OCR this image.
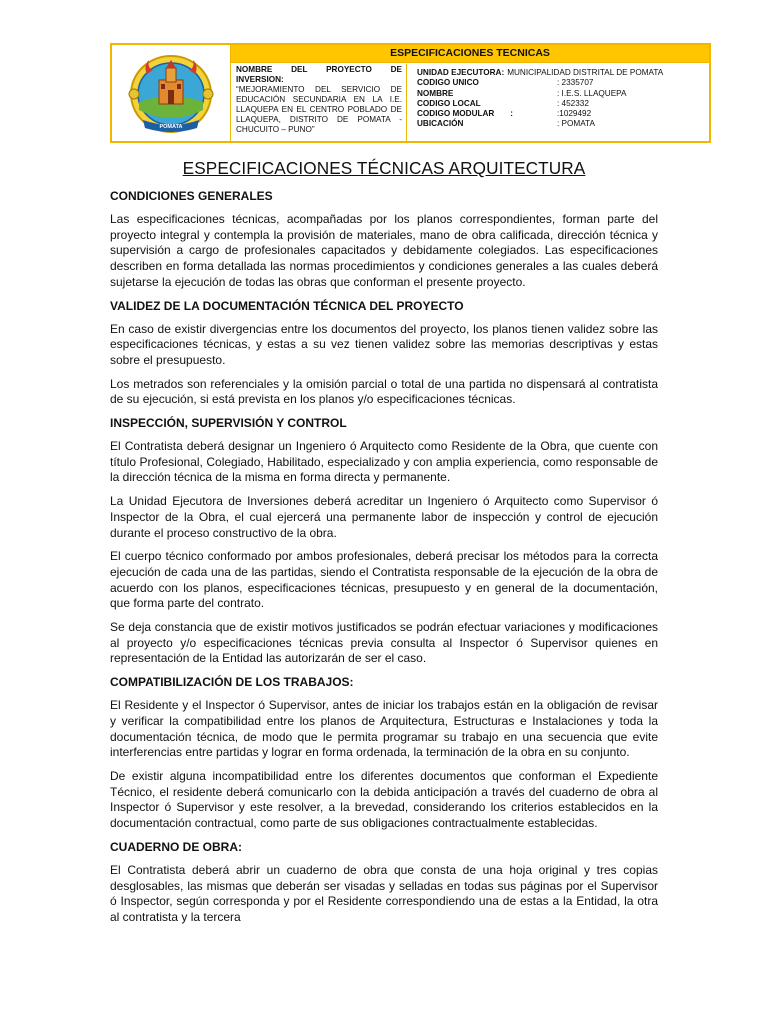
POMATA
ESPECIFICACIONES TECNICAS
NOMBRE DEL PROYECTO DE
INVERSION:
“MEJORAMIENTO DEL SERVICIO DE EDUCACIÓN SECUNDARIA EN LA I.E. LLAQUEPA EN EL CENTRO POBLADO DE LLAQUEPA, DISTRITO DE POMATA - CHUCUITO – PUNO”
UNIDAD EJECUTORA: MUNICIPALIDAD DISTRITAL DE POMATA
CODIGO UNICO	: 2335707
NOMBRE	: I.E.S. LLAQUEPA
CODIGO LOCAL	: 452332
CODIGO MODULAR       :	:1029492
UBICACIÓN	: POMATA
ESPECIFICACIONES TÉCNICAS ARQUITECTURA
CONDICIONES GENERALES

Las especificaciones técnicas, acompañadas por los planos correspondientes, forman parte del proyecto integral y contempla la provisión de materiales, mano de obra calificada, dirección técnica y supervisión a cargo de profesionales capacitados y debidamente colegiados. Las especificaciones describen en forma detallada las normas procedimientos y condiciones generales a las cuales deberá sujetarse la ejecución de todas las obras que conforman el presente proyecto.

VALIDEZ DE LA DOCUMENTACIÓN TÉCNICA DEL PROYECTO

En caso de existir divergencias entre los documentos del proyecto, los planos tienen validez sobre las especificaciones técnicas, y estas a su vez tienen validez sobre las memorias descriptivas y estas sobre el presupuesto.

Los metrados son referenciales y la omisión parcial o total de una partida no dispensará al contratista de su ejecución, si está prevista en los planos y/o especificaciones técnicas.

INSPECCIÓN, SUPERVISIÓN Y CONTROL

El Contratista deberá designar un Ingeniero ó Arquitecto como Residente de la Obra, que cuente con título Profesional, Colegiado, Habilitado, especializado y con amplia experiencia, como responsable de la dirección técnica de la misma en forma directa y permanente.

La Unidad Ejecutora de Inversiones deberá acreditar un Ingeniero ó Arquitecto como Supervisor ó Inspector de la Obra, el cual ejercerá una permanente labor de inspección y control de ejecución durante el proceso constructivo de la obra.

El cuerpo técnico conformado por ambos profesionales, deberá precisar los métodos para la correcta ejecución de cada una de las partidas, siendo el Contratista responsable de la ejecución de la obra de acuerdo con los planos, especificaciones técnicas, presupuesto y en general de la documentación, que forma parte del contrato.

Se deja constancia que de existir motivos justificados se podrán efectuar variaciones y modificaciones al proyecto y/o especificaciones técnicas previa consulta al Inspector ó Supervisor quienes en representación de la Entidad las autorizarán de ser el caso.

COMPATIBILIZACIÓN DE LOS TRABAJOS:

El Residente y el Inspector ó Supervisor, antes de iniciar los trabajos están en la obligación de revisar y verificar la compatibilidad entre los planos de Arquitectura, Estructuras e Instalaciones y toda la documentación técnica, de modo que le permita programar su trabajo en una secuencia que evite interferencias entre partidas y lograr en forma ordenada, la terminación de la obra en su conjunto.

De existir alguna incompatibilidad entre los diferentes documentos que conforman el Expediente Técnico, el residente deberá comunicarlo con la debida anticipación a través del cuaderno de obra al Inspector ó Supervisor y este resolver, a la brevedad, considerando los criterios establecidos en la documentación contractual, como parte de sus obligaciones contractualmente establecidas.

CUADERNO DE OBRA:

El Contratista deberá abrir un cuaderno de obra que consta de una hoja original y tres copias desglosables, las mismas que deberán ser visadas y selladas en todas sus páginas por el Supervisor ó Inspector, según corresponda y por el Residente correspondiendo una de estas a la Entidad, la otra al contratista y la tercera
